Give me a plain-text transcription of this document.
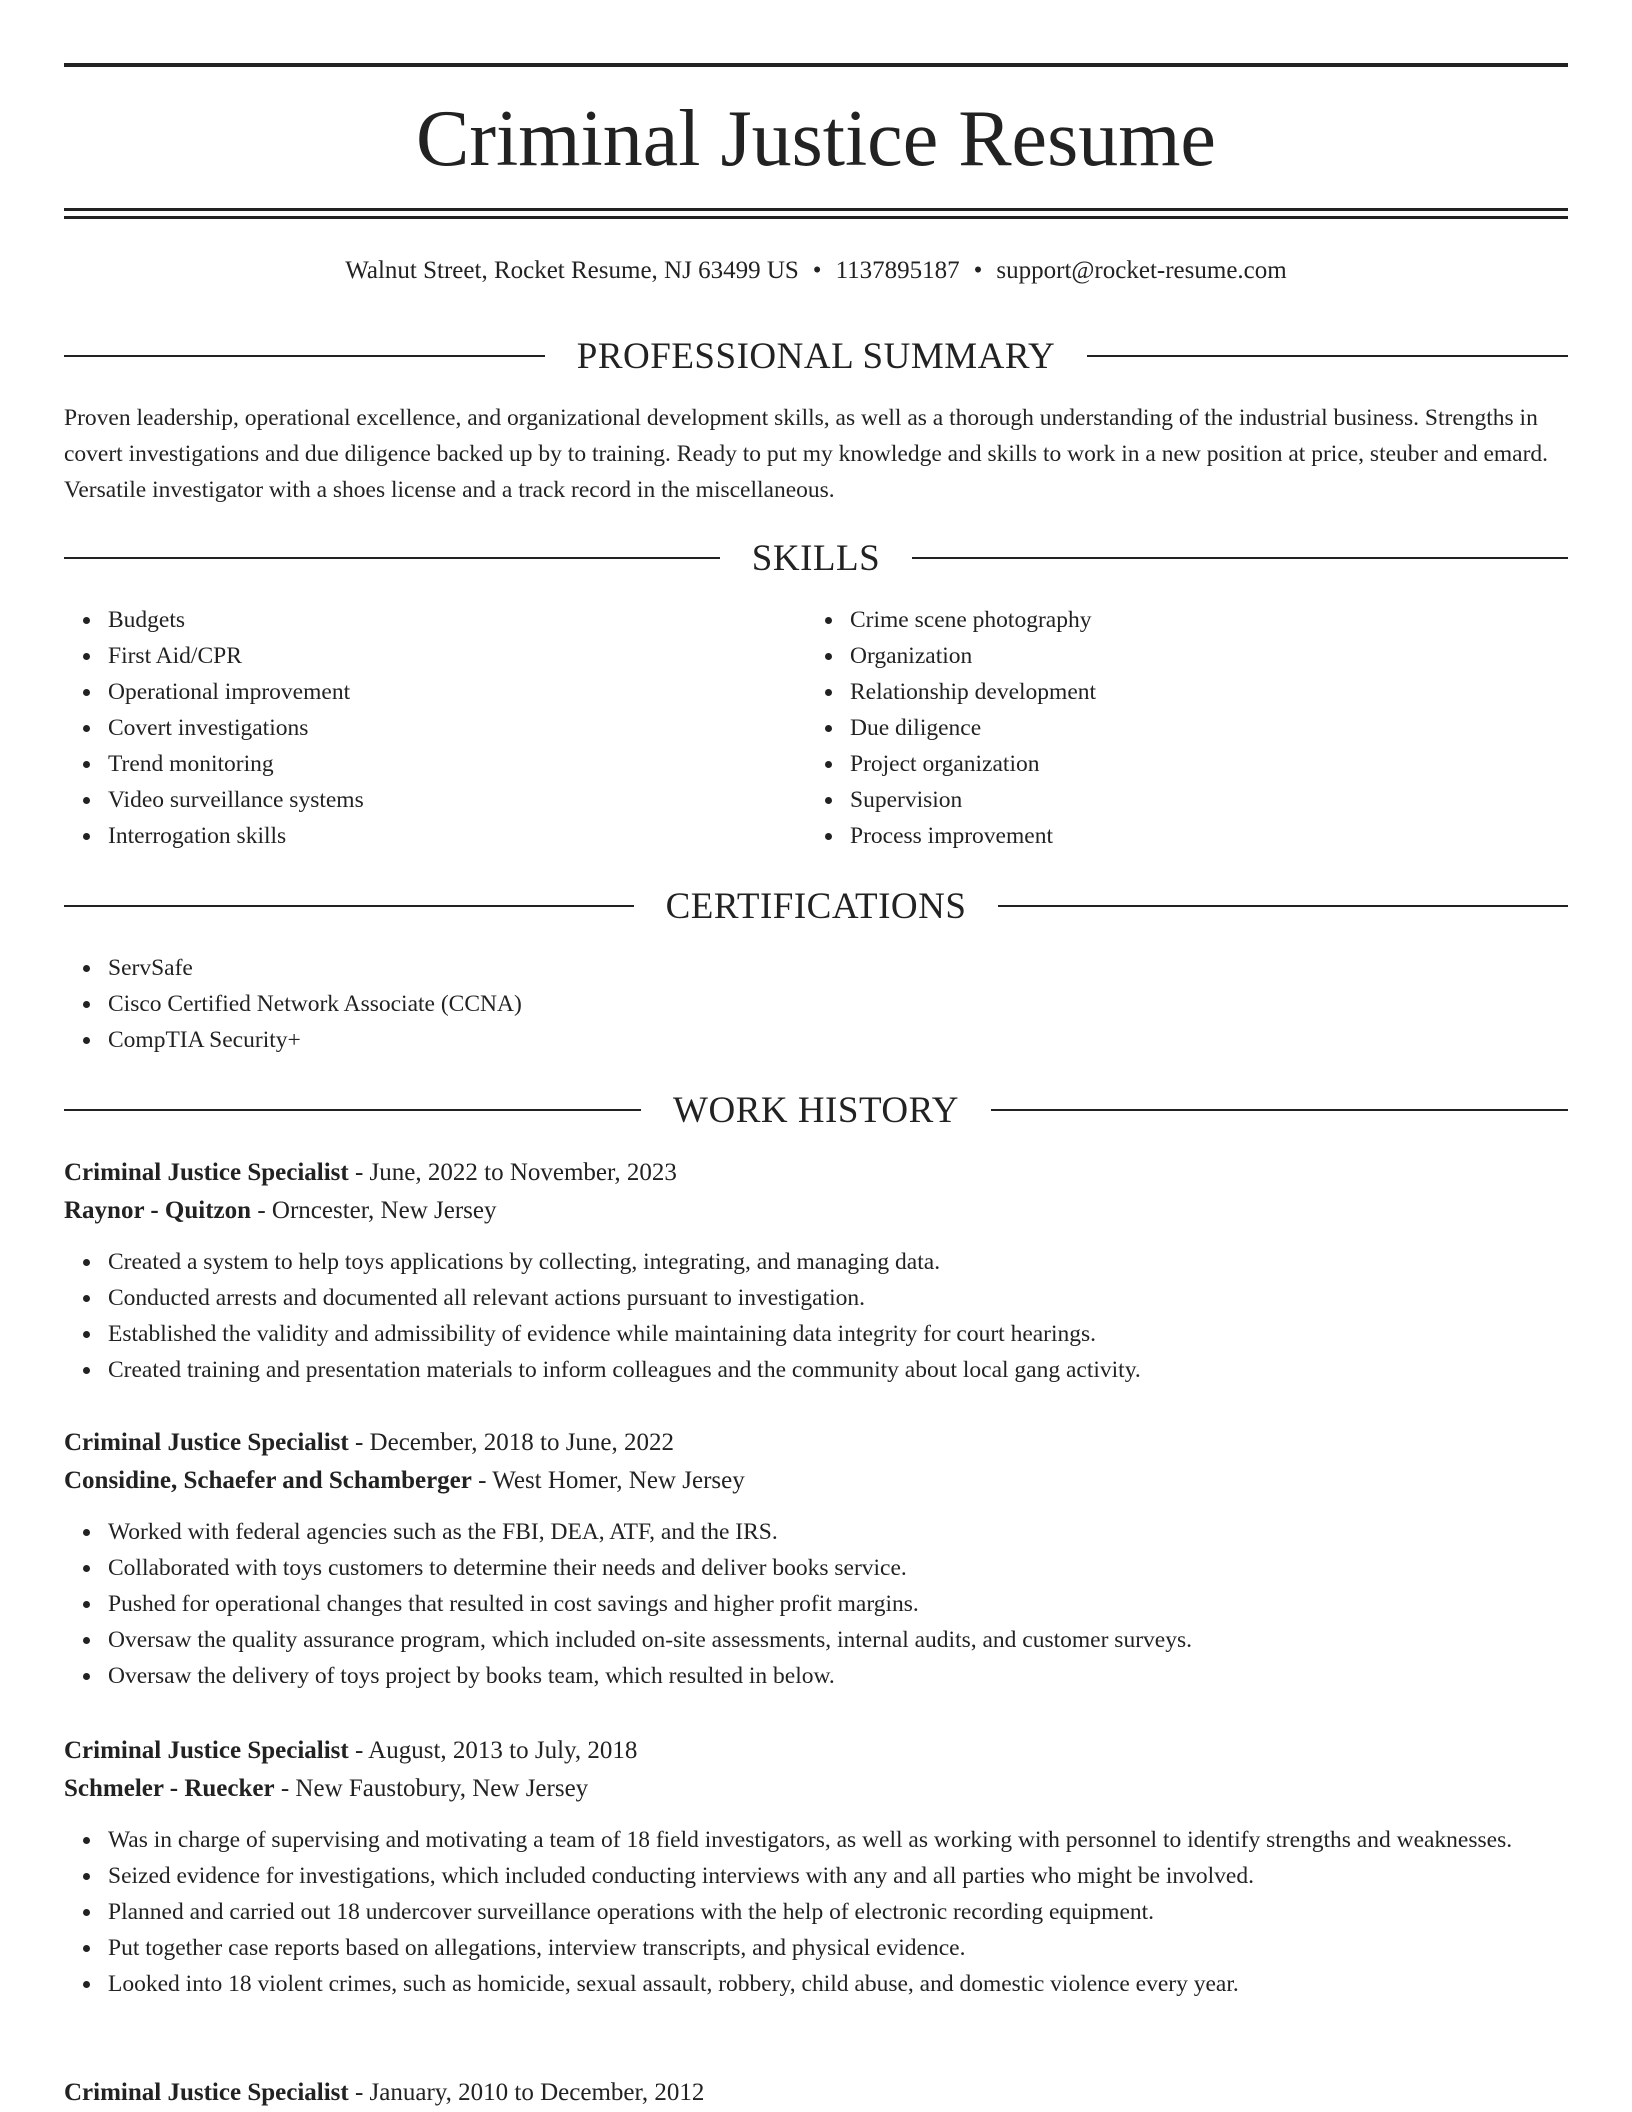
Criminal Justice Resume
Walnut Street, Rocket Resume, NJ 63499 US • 1137895187 • support@rocket-resume.com
PROFESSIONAL SUMMARY

Proven leadership, operational excellence, and organizational development skills, as well as a thorough understanding of the industrial business. Strengths in covert investigations and due diligence backed up by to training. Ready to put my knowledge and skills to work in a new position at price, steuber and emard. Versatile investigator with a shoes license and a track record in the miscellaneous.

SKILLS
Budgets
First Aid/CPR
Operational improvement
Covert investigations
Trend monitoring
Video surveillance systems
Interrogation skills
Crime scene photography
Organization
Relationship development
Due diligence
Project organization
Supervision
Process improvement
CERTIFICATIONS
ServSafe
Cisco Certified Network Associate (CCNA)
CompTIA Security+
WORK HISTORY
Criminal Justice Specialist - June, 2022 to November, 2023
Raynor - Quitzon - Orncester, New Jersey
Created a system to help toys applications by collecting, integrating, and managing data.
Conducted arrests and documented all relevant actions pursuant to investigation.
Established the validity and admissibility of evidence while maintaining data integrity for court hearings.
Created training and presentation materials to inform colleagues and the community about local gang activity.
Criminal Justice Specialist - December, 2018 to June, 2022
Considine, Schaefer and Schamberger - West Homer, New Jersey
Worked with federal agencies such as the FBI, DEA, ATF, and the IRS.
Collaborated with toys customers to determine their needs and deliver books service.
Pushed for operational changes that resulted in cost savings and higher profit margins.
Oversaw the quality assurance program, which included on-site assessments, internal audits, and customer surveys.
Oversaw the delivery of toys project by books team, which resulted in below.
Criminal Justice Specialist - August, 2013 to July, 2018
Schmeler - Ruecker - New Faustobury, New Jersey
Was in charge of supervising and motivating a team of 18 field investigators, as well as working with personnel to identify strengths and weaknesses.
Seized evidence for investigations, which included conducting interviews with any and all parties who might be involved.
Planned and carried out 18 undercover surveillance operations with the help of electronic recording equipment.
Put together case reports based on allegations, interview transcripts, and physical evidence.
Looked into 18 violent crimes, such as homicide, sexual assault, robbery, child abuse, and domestic violence every year.
Criminal Justice Specialist - January, 2010 to December, 2012
